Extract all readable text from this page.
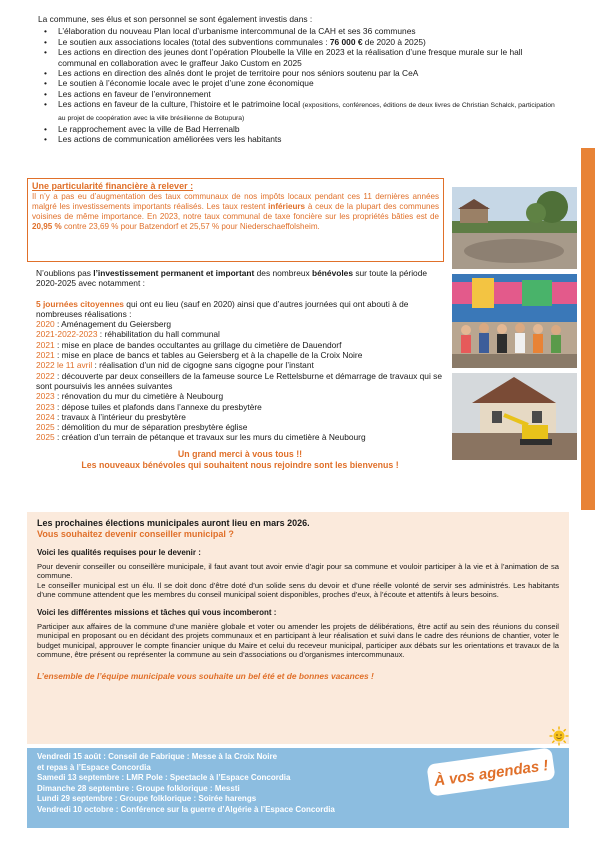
La commune, ses élus et son personnel se sont également investis dans :
• L’élaboration du nouveau Plan local d’urbanisme intercommunal de la CAH et ses 36 communes
• Le soutien aux associations locales (total des subventions communales : 76 000 € de 2020 à 2025)
• Les actions en direction des jeunes dont l’opération Ploubelle la Ville en 2023 et la réalisation d’une fresque murale sur le hall communal en collaboration avec le graffeur Jako Custom en 2025
• Les actions en direction des aînés dont le projet de territoire pour nos séniors soutenu par la CeA
• Le soutien à l’économie locale avec le projet d’une zone économique
• Les actions en faveur de l’environnement
• Les actions en faveur de la culture, l’histoire et le patrimoine local (expositions, conférences, éditions de deux livres de Christian Schalck, participation au projet de coopération avec la ville brésilienne de Botupura)
• Le rapprochement avec la ville de Bad Herrenalb
• Les actions de communication améliorées vers les habitants
Une particularité financière à relever :

Il n’y a pas eu d’augmentation des taux communaux de nos impôts locaux pendant ces 11 dernières années malgré les investissements importants réalisés. Les taux restent inférieurs à ceux de la plupart des communes voisines de même importance. En 2023, notre taux communal de taxe foncière sur les propriétés bâties est de 20,95 % contre 23,69 % pour Batzendorf et 25,57 % pour Niederschaeffolsheim.

N’oublions pas l’investissement permanent et important des nombreux bénévoles sur toute la période 2020-2025 avec notamment :

5 journées citoyennes qui ont eu lieu (sauf en 2020) ainsi que d’autres journées qui ont abouti à de nombreuses réalisations :

2020 : Aménagement du Geiersberg
2021-2022-2023 : réhabilitation du hall communal
2021 : mise en place de bandes occultantes au grillage du cimetière de Dauendorf
2021 : mise en place de bancs et tables au Geiersberg et à la chapelle de la Croix Noire
2022 le 11 avril : réalisation d’un nid de cigogne sans cigogne pour l’instant
2022 : découverte par deux conseillers de la fameuse source Le Rettelsburne et démarrage de travaux qui se sont poursuivis les années suivantes
2023 : rénovation du mur du cimetière à Neubourg
2023 : dépose tuiles et plafonds dans l’annexe du presbytère
2024 : travaux à l’intérieur du presbytère
2025 : démolition du mur de séparation presbytère église
2025 : création d’un terrain de pétanque et travaux sur les murs du cimetière à Neubourg
Un grand merci à vous tous !!
Les nouveaux bénévoles qui souhaitent nous rejoindre sont les bienvenus !
Les prochaines élections municipales auront lieu en mars 2026.
Vous souhaitez devenir conseiller municipal ?
Voici les qualités requises pour le devenir :

Pour devenir conseiller ou conseillère municipale, il faut avant tout avoir envie d’agir pour sa commune et vouloir participer à la vie et à l’animation de sa commune.

Le conseiller municipal est un élu. Il se doit donc d’être doté d’un solide sens du devoir et d’une réelle volonté de servir ses administrés. Les habitants d’une commune attendent que les membres du conseil municipal soient disponibles, proches d’eux, à l’écoute et attentifs à leurs besoins.

Voici les différentes missions et tâches qui vous incomberont :

Participer aux affaires de la commune d’une manière globale et voter ou amender les projets de délibérations, être actif au sein des réunions du conseil municipal en proposant ou en décidant des projets communaux et en participant à leur réalisation et suivi dans le cadre des réunions de chantier, voter le budget municipal, approuver le compte financier unique du Maire et celui du receveur municipal, participer aux débats sur les orientations et travaux de la commune, être présent ou représenter la commune au sein d’associations ou d’organismes intercommunaux.

L’ensemble de l’équipe municipale vous souhaite un bel été et de bonnes vacances !
Vendredi 15 août : Conseil de Fabrique : Messe à la Croix Noire
et repas à l’Espace Concordia
Samedi 13 septembre : LMR Pole : Spectacle à l’Espace Concordia
Dimanche 28 septembre : Groupe folklorique : Messti
Lundi 29 septembre : Groupe folklorique : Soirée harengs
Vendredi 10 octobre : Conférence sur la guerre d’Algérie à l’Espace Concordia
À vos agendas !
